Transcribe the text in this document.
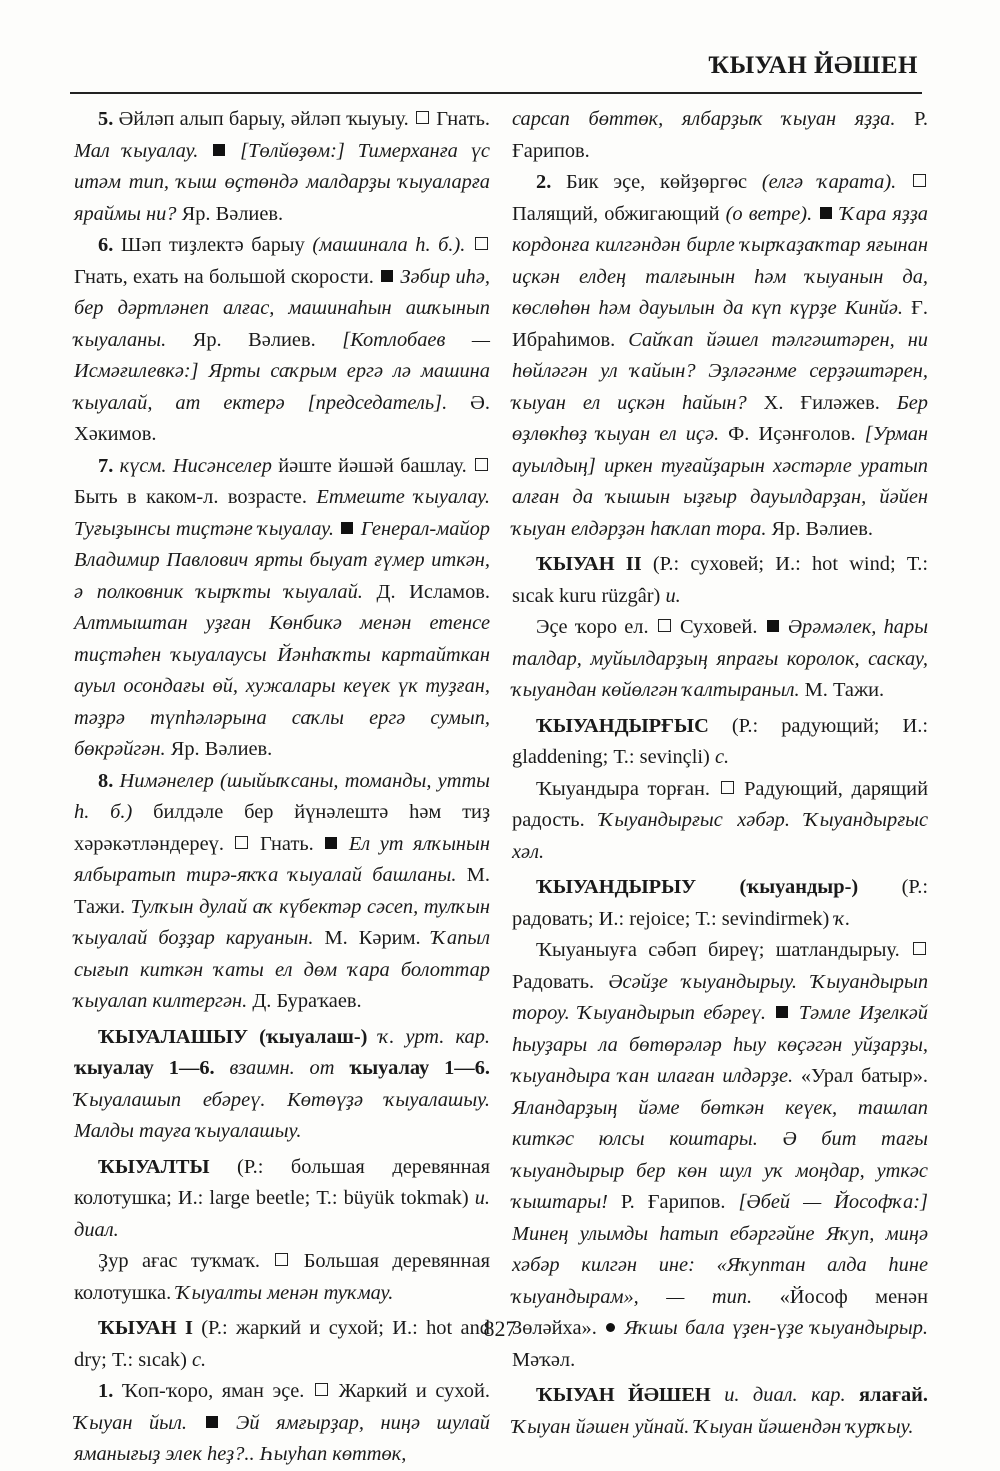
ҠЫУАН ЙӘШЕН

5. Әйләп алып барыу, әйләп ҡыуыу.  Гнать. Мал ҡыуалау.  [Төлйөҙөм:] Тимерханға үс итәм тип, ҡыш өҫтөндә малдарҙы ҡыуаларға яраймы ни? Яр. Вәлиев.

6. Шәп тиҙлектә барыу (машинала һ. б.).  Гнать, ехать на большой скорости.  Зәбир иһә, бер дәртләнеп алғас, машинаһын ашҡынып ҡыуаланы. Яр. Вәлиев. [Котлобаев — Исмәғилевкә:] Ярты саҡрым ергә лә машина ҡыуалай, ат ектерә [председатель]. Ә. Хәкимов.

7. күсм. Нисәнселер йәште йәшәй башлау.  Быть в каком-л. возрасте. Етмеште ҡыуалау. Туғыҙынсы тиҫтәне ҡыуалау.  Генерал-майор Владимир Павлович ярты быуат ғүмер иткән, ә полковник ҡырҡты ҡыуалай. Д. Исламов. Алтмыштан уҙған Көнбикә менән етенсе тиҫтәһен ҡыуалаусы Йәнһаҡты картайткан ауыл осондағы өй, хужалары кеүек үк туҙған, тәҙрә түпһәләрына саҡлы ергә сумып, бөкрәйгән. Яр. Вәлиев.

8. Нимәнелер (шыйыҡсаны, томанды, утты һ. б.) билдәле бер йүнәлештә һәм тиҙ хәрәкәтләндереү.  Гнать.  Ел ут ялҡынын ялбыратып тирә-яҡҡа ҡыуалай башланы. М. Тажи. Тулҡын дулай аҡ күбектәр сәсеп, тулҡын ҡыуалай боҙҙар каруанын. М. Кәрим. Ҡапыл сығып киткән ҡаты ел дөм ҡара болоттар ҡыуалап килтергән. Д. Бураҡаев.

ҠЫУАЛАШЫУ (ҡыуалаш-) ҡ. урт. кар. ҡыуалау 1—6. взаимн. от ҡыуалау 1—6. Ҡыуалашып ебәреү. Көтөүҙә ҡыуалашыу. Малды тауға ҡыуалашыу.

ҠЫУАЛТЫ (Р.: большая деревянная колотушка; И.: large beetle; Т.: büyük tokmak) и. диал.

Ҙур ағас туҡмаҡ.  Большая деревянная колотушка. Ҡыуалты менән туҡмау.

ҠЫУАН I (Р.: жаркий и сухой; И.: hot and dry; Т.: sıcak) с.

1. Ҡоп-ҡоро, яман эҫе.  Жаркий и сухой. Ҡыуан йыл.  Эй ямғырҙар, ниңә шулай яманығыҙ элек һеҙ?.. Һыуһап көттөк,

сарсап бөттөк, ялбарҙыҡ ҡыуан яҙҙа. Р. Ғарипов.

2. Бик эҫе, көйҙөргөс (елгә ҡарата).  Палящий, обжигающий (о ветре).  Ҡара яҙҙа кордонға килгәндән бирле ҡырҡаҙаҡтар яғынан иҫкән елдең талғынын һәм ҡыуанын да, көслөһөн һәм дауылын да күп күрҙе Кинйә. Ғ. Ибраһимов. Сайҡап йәшел тәлгәштәрен, ни һөйләгән ул ҡайын? Эҙләгәнме серҙәштәрен, ҡыуан ел иҫкән һайын? Х. Ғиләжев. Бер өҙлөкһөҙ ҡыуан ел иҫә. Ф. Иҫәнғолов. [Урман ауылдың] иркен туғайҙарын хәстәрле уратып алған да ҡышын ыҙғыр дауылдарҙан, йәйен ҡыуан елдәрҙән һаҡлап тора. Яр. Вәлиев.

ҠЫУАН II (Р.: суховей; И.: hot wind; Т.: sıcak kuru rüzgâr) и.

Эҫе ҡоро ел.  Суховей.  Әрәмәлек, һары талдар, муйылдарҙың япрағы королок, саскау, ҡыуандан көйөлгән ҡалтыраныл. М. Тажи.

ҠЫУАНДЫРҒЫС (Р.: радующий; И.: gladdening; Т.: sevinçli) с.

Ҡыуандыра торған.  Радующий, дарящий радость. Ҡыуандырғыс хәбәр. Ҡыуандырғыс хәл.

ҠЫУАНДЫРЫУ (ҡыуандыр-) (Р.: радовать; И.: rejoice; Т.: sevindirmek) ҡ.

Ҡыуаныуға сәбәп биреү; шатландырыу.  Радовать. Әсәйҙе ҡыуандырыу. Ҡыуандырып тороу. Ҡыуандырып ебәреү.  Тәмле Иҙелкәй һыуҙары ла бөтөрәләр һыу көҫәгән уйҙарҙы, ҡыуандыра ҡан илаған илдәрҙе. «Урал батыр». Яландарҙың йәме бөткән кеүек, ташлап киткәс юлсы коштары. Ә бит тағы ҡыуандырыр бер көн шул уҡ моңдар, уткәс ҡыштары! Р. Ғарипов. [Әбей — Йософҡа:] Минең улымды һатып ебәргәйне Яҡуп, миңә хәбәр килгән ине: «Яҡуптан алда һине ҡыуандырам», — тип. «Йософ менән Зөләйха».  Яҡшы бала үҙен-үҙе ҡыуандырыр. Мәҡәл.

ҠЫУАН ЙӘШЕН и. диал. кар. ялағай. Ҡыуан йәшен уйнай. Ҡыуан йәшендән ҡурҡыу.

827
